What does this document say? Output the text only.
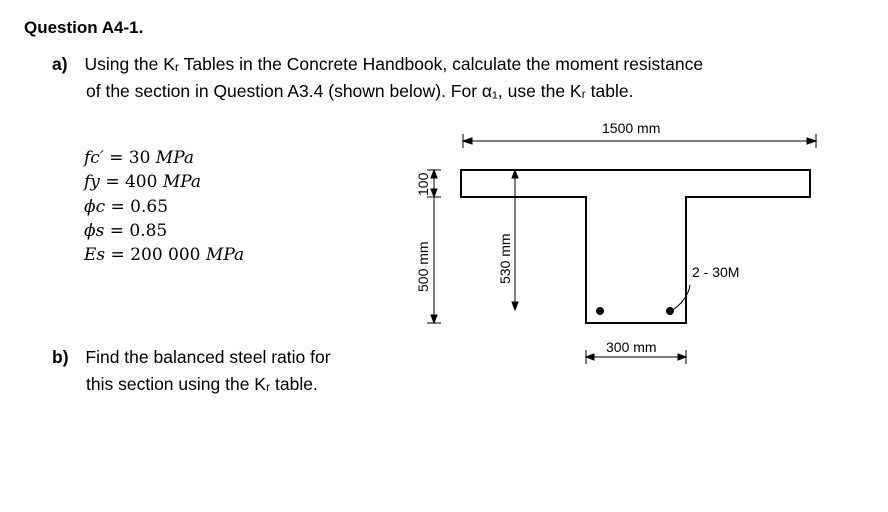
Question A4-1.
a) Using the Kᵣ Tables in the Concrete Handbook, calculate the moment resistance
of the section in Question A3.4 (shown below). For α₁, use the Kᵣ table.
fc′ = 30 MPa
fy = 400 MPa
ϕc = 0.65
ϕs = 0.85
Es = 200 000 MPa
b) Find the balanced steel ratio for
this section using the Kᵣ table.
1500 mm
300 mm
2 - 30M
500 mm
100
530 mm
